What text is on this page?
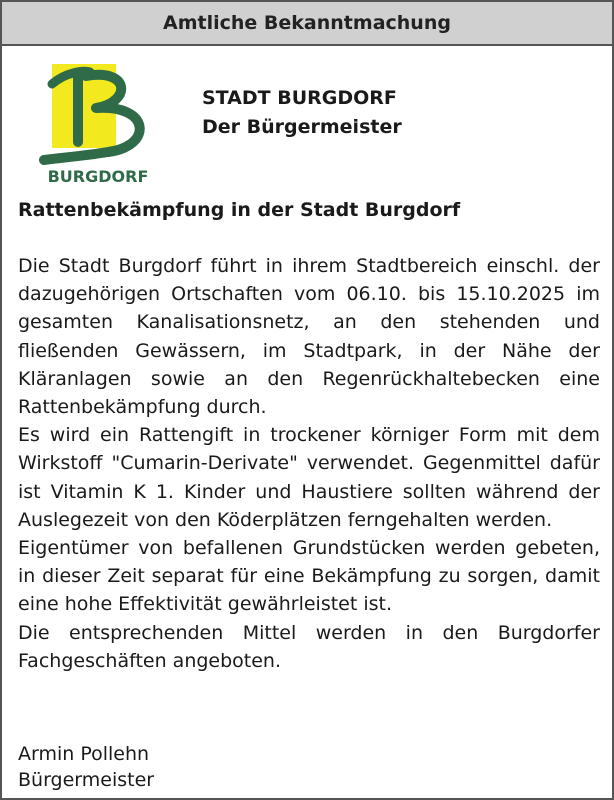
Amtliche Bekanntmachung
BURGDORF
STADT BURGDORF
Der Bürgermeister
Rattenbekämpfung in der Stadt Burgdorf

Die Stadt Burgdorf führt in ihrem Stadtbereich einschl. der dazugehörigen Ortschaften vom 06.10. bis 15.10.2025 im gesamten Kanalisationsnetz, an den stehenden und fließenden Gewässern, im Stadtpark, in der Nähe der Kläranlagen sowie an den Regenrückhaltebecken eine Rattenbekämpfung durch.

Es wird ein Rattengift in trockener körniger Form mit dem Wirkstoff "Cumarin-Derivate" verwendet. Gegenmittel dafür ist Vitamin K 1. Kinder und Haustiere sollten während der Auslegezeit von den Köderplätzen ferngehalten werden.

Eigentümer von befallenen Grundstücken werden gebeten, in dieser Zeit separat für eine Bekämpfung zu sorgen, damit eine hohe Effektivität gewährleistet ist.

Die entsprechenden Mittel werden in den Burgdorfer Fachgeschäften angeboten.

Armin Pollehn
Bürgermeister
